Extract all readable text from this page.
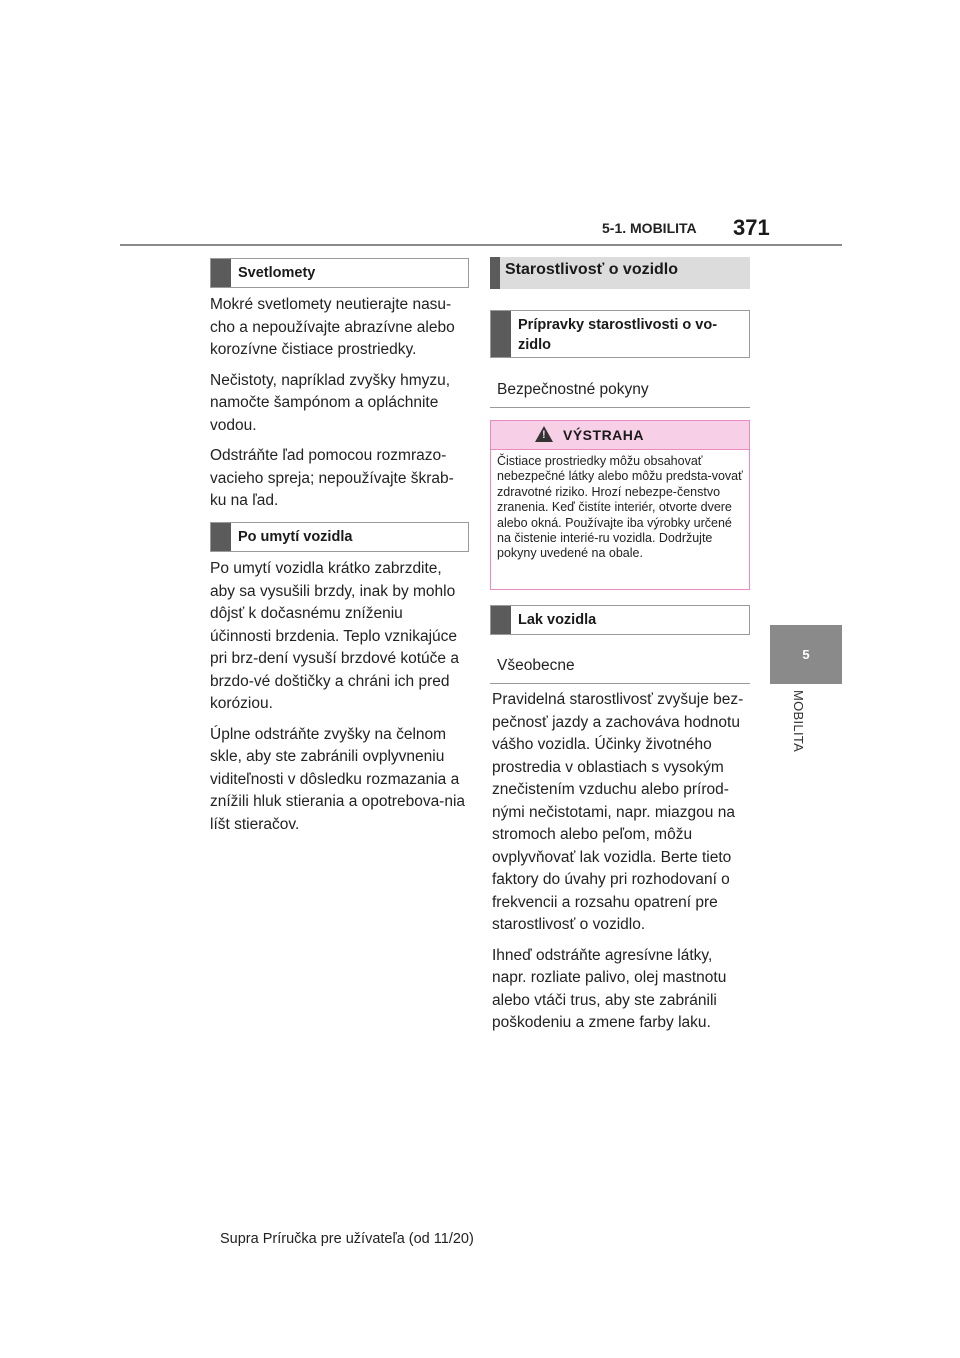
5-1. MOBILITA 371
5
MOBILITA
Svetlomety

Mokré svetlomety neutierajte nasu-cho a nepoužívajte abrazívne alebo korozívne čistiace prostriedky.

Nečistoty, napríklad zvyšky hmyzu, namočte šampónom a opláchnite vodou.

Odstráňte ľad pomocou rozmrazo-vacieho spreja; nepoužívajte škrab-ku na ľad.

Po umytí vozidla

Po umytí vozidla krátko zabrzdite, aby sa vysušili brzdy, inak by mohlo dôjsť k dočasnému zníženiu účinnosti brzdenia. Teplo vznikajúce pri brz-dení vysuší brzdové kotúče a brzdo-vé doštičky a chráni ich pred koróziou.

Úplne odstráňte zvyšky na čelnom skle, aby ste zabránili ovplyvneniu viditeľnosti v dôsledku rozmazania a znížili hluk stierania a opotrebova-nia líšt stieračov.

Starostlivosť o vozidlo
Prípravky starostlivosti o vo-zidlo
Bezpečnostné pokyny
! VÝSTRAHA
Čistiace prostriedky môžu obsahovať nebezpečné látky alebo môžu predsta-vovať zdravotné riziko. Hrozí nebezpe-čenstvo zranenia. Keď čistíte interiér, otvorte dvere alebo okná. Používajte iba výrobky určené na čistenie interié-ru vozidla. Dodržujte pokyny uvedené na obale.
Lak vozidla
Všeobecne

Pravidelná starostlivosť zvyšuje bez-pečnosť jazdy a zachováva hodnotu vášho vozidla. Účinky životného prostredia v oblastiach s vysokým znečistením vzduchu alebo prírod-nými nečistotami, napr. miazgou na stromoch alebo peľom, môžu ovplyvňovať lak vozidla. Berte tieto faktory do úvahy pri rozhodovaní o frekvencii a rozsahu opatrení pre starostlivosť o vozidlo.

Ihneď odstráňte agresívne látky, napr. rozliate palivo, olej mastnotu alebo vtáči trus, aby ste zabránili poškodeniu a zmene farby laku.

Supra Príručka pre užívateľa (od 11/20)
